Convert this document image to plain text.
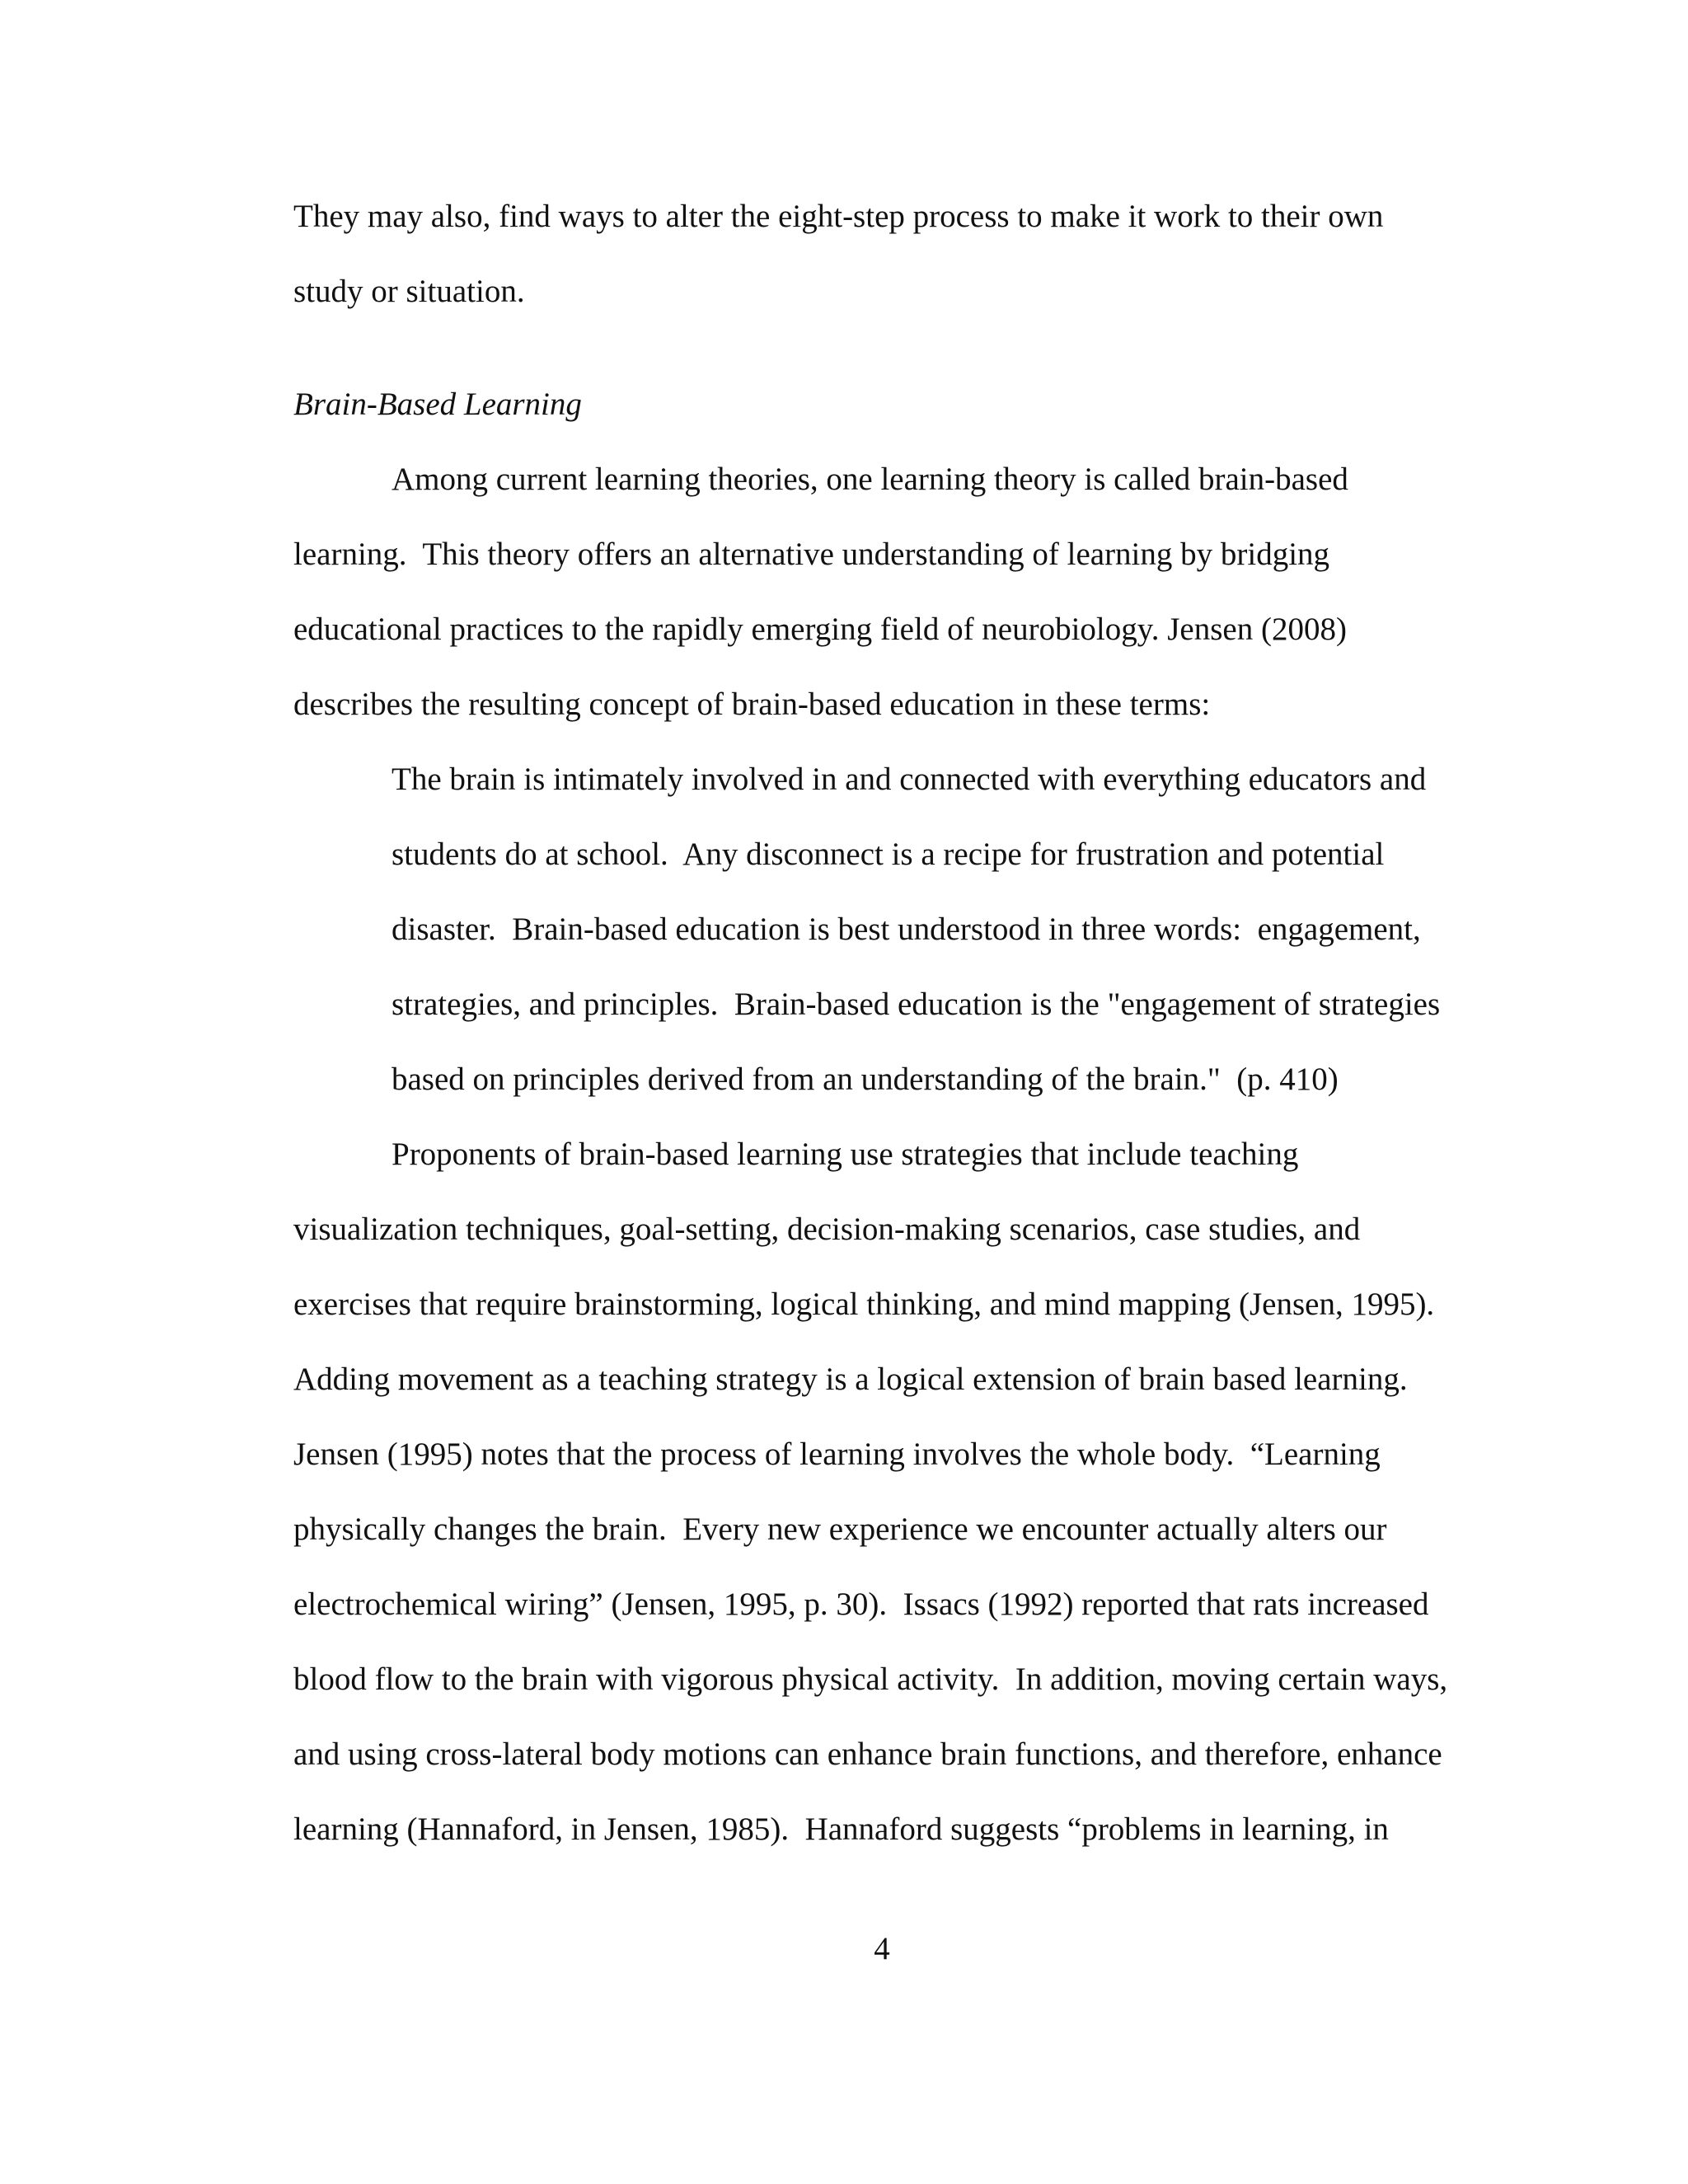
They may also, find ways to alter the eight-step process to make it work to their own

study or situation.

Brain-Based Learning

Among current learning theories, one learning theory is called brain-based

learning.  This theory offers an alternative understanding of learning by bridging

educational practices to the rapidly emerging field of neurobiology. Jensen (2008)

describes the resulting concept of brain-based education in these terms:

The brain is intimately involved in and connected with everything educators and

students do at school.  Any disconnect is a recipe for frustration and potential

disaster.  Brain-based education is best understood in three words:  engagement,

strategies, and principles.  Brain-based education is the "engagement of strategies

based on principles derived from an understanding of the brain."  (p. 410)

Proponents of brain-based learning use strategies that include teaching

visualization techniques, goal-setting, decision-making scenarios, case studies, and

exercises that require brainstorming, logical thinking, and mind mapping (Jensen, 1995).

Adding movement as a teaching strategy is a logical extension of brain based learning.

Jensen (1995) notes that the process of learning involves the whole body.  “Learning

physically changes the brain.  Every new experience we encounter actually alters our

electrochemical wiring” (Jensen, 1995, p. 30).  Issacs (1992) reported that rats increased

blood flow to the brain with vigorous physical activity.  In addition, moving certain ways,

and using cross-lateral body motions can enhance brain functions, and therefore, enhance

learning (Hannaford, in Jensen, 1985).  Hannaford suggests “problems in learning, in

4
